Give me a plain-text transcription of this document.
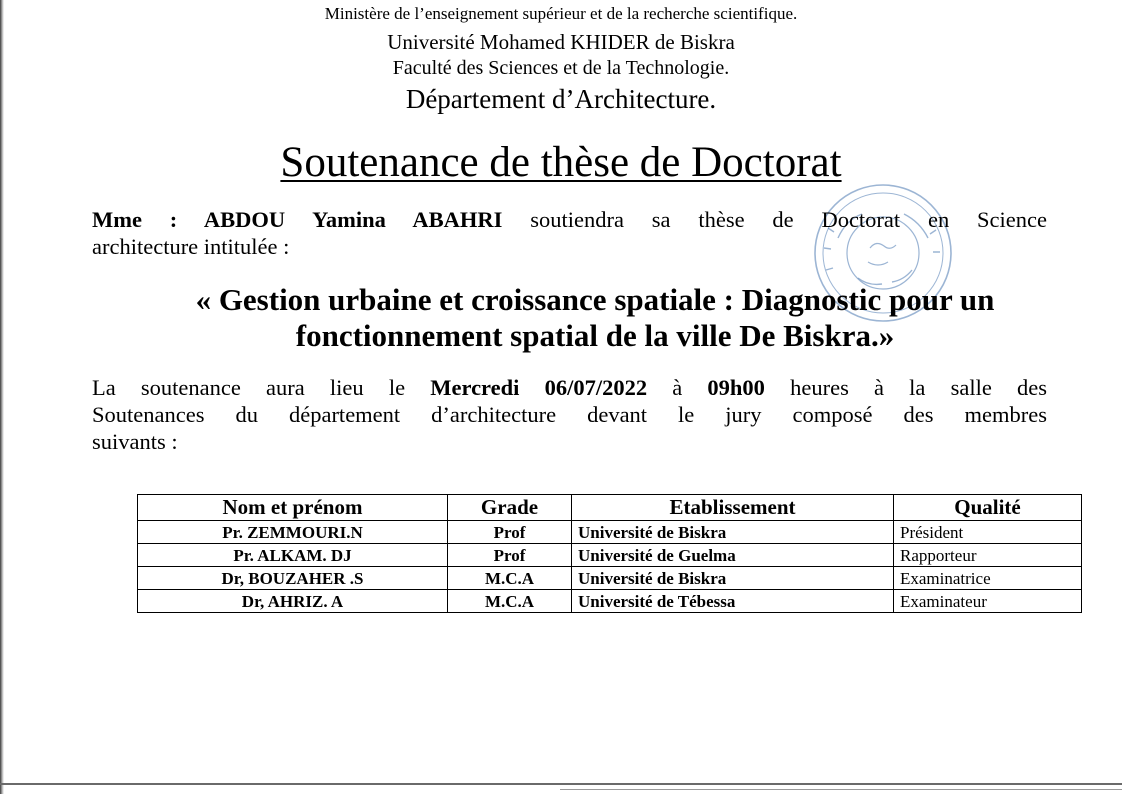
Ministère de l’enseignement supérieur et de la recherche scientifique.
Université Mohamed KHIDER de Biskra
Faculté des Sciences et de la Technologie.
Département d’Architecture.
Soutenance de thèse de Doctorat
Mme : ABDOU Yamina ABAHRI soutiendra sa thèse de Doctorat en Science
architecture intitulée :
« Gestion urbaine et croissance spatiale : Diagnostic pour un
fonctionnement spatial de la ville De Biskra.»
La soutenance aura lieu le Mercredi 06/07/2022 à 09h00 heures à la salle des
Soutenances du département d’architecture devant le jury composé des membres
suivants :
Nom et prénom	Grade	Etablissement	Qualité
Pr. ZEMMOURI.N	Prof	Université de Biskra	Président
Pr. ALKAM. DJ	Prof	Université de Guelma	Rapporteur
Dr, BOUZAHER .S	M.C.A	Université de Biskra	Examinatrice
Dr, AHRIZ. A	M.C.A	Université de Tébessa	Examinateur
